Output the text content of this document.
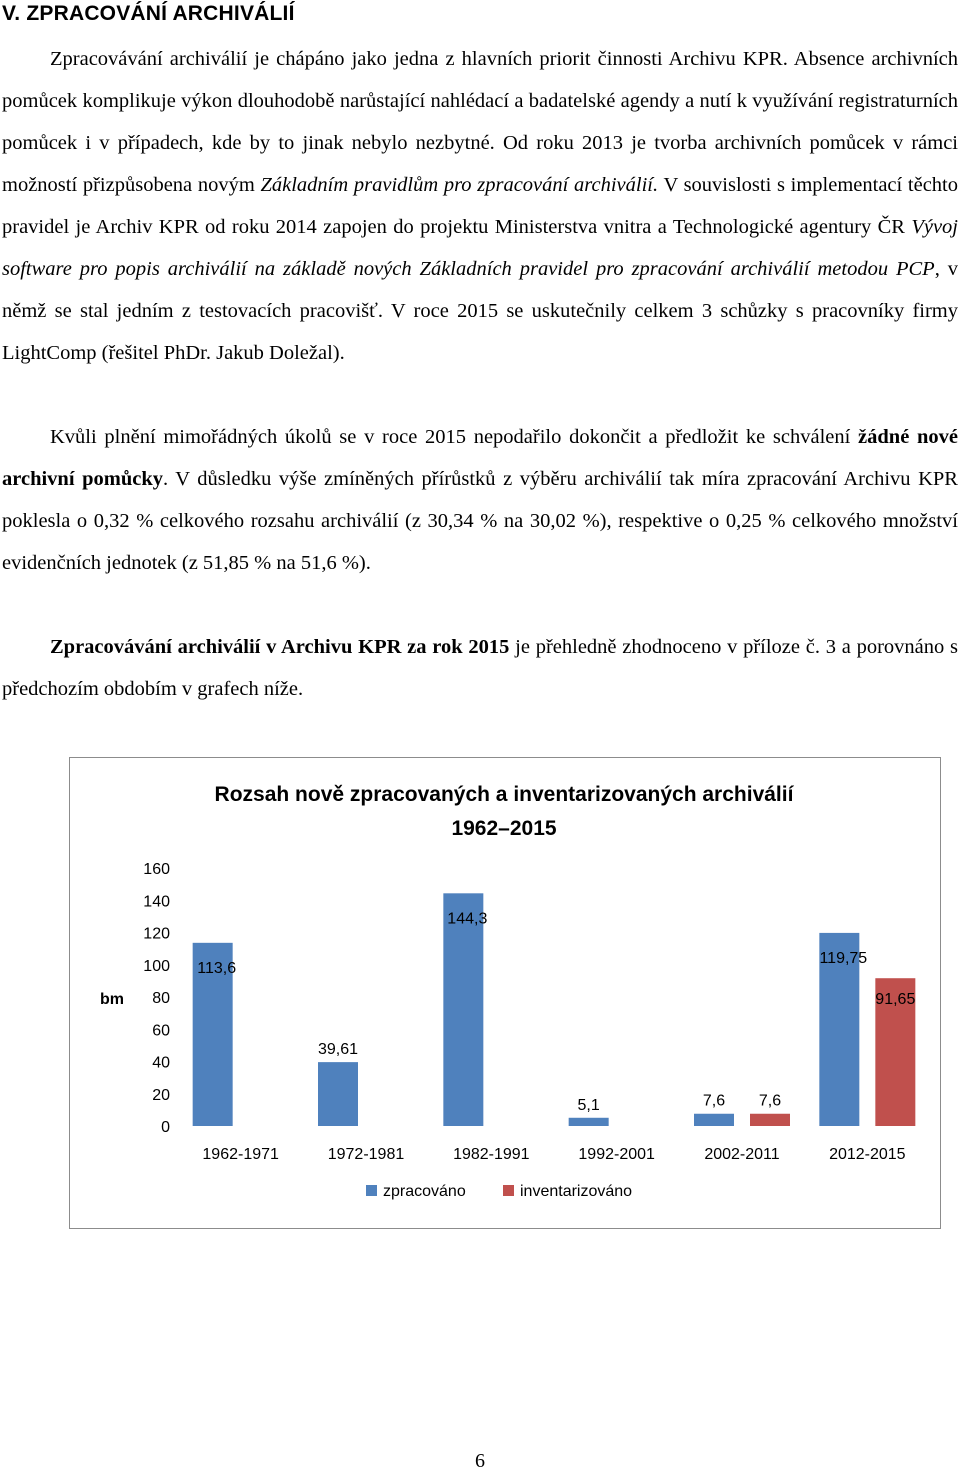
V. ZPRACOVÁNÍ ARCHIVÁLIÍ

Zpracovávání archiválií je chápáno jako jedna z hlavních priorit činnosti Archivu KPR. Absence archivních pomůcek komplikuje výkon dlouhodobě narůstající nahlédací a badatelské agendy a nutí k využívání registraturních pomůcek i v případech, kde by to jinak nebylo nezbytné. Od roku 2013 je tvorba archivních pomůcek v rámci možností přizpůsobena novým Základním pravidlům pro zpracování archiválií. V souvislosti s implementací těchto pravidel je Archiv KPR od roku 2014 zapojen do projektu Ministerstva vnitra a Technologické agentury ČR Vývoj software pro popis archiválií na základě nových Základních pravidel pro zpracování archiválií metodou PCP, v němž se stal jedním z testovacích pracovišť. V roce 2015 se uskutečnily celkem 3 schůzky s pracovníky firmy LightComp (řešitel PhDr. Jakub Doležal).

Kvůli plnění mimořádných úkolů se v roce 2015 nepodařilo dokončit a předložit ke schválení žádné nové archivní pomůcky. V důsledku výše zmíněných přírůstků z výběru archiválií tak míra zpracování Archivu KPR poklesla o 0,32 % celkového rozsahu archiválií (z 30,34 % na 30,02 %), respektive o 0,25 % celkového množství evidenčních jednotek (z 51,85 % na 51,6 %).

Zpracovávání archiválií v Archivu KPR za rok 2015 je přehledně zhodnoceno v příloze č. 3 a porovnáno s předchozím obdobím v grafech níže.

Rozsah nově zpracovaných a inventarizovaných archiválií
1962–2015
bm
0
20
40
60
80
100
120
140
160
113,6
39,61
144,3
5,1	7,6
119,75
7,6
91,65
1962-1971	1972-1981	1982-1991	1992-2001	2002-2011	2012-2015
zpracováno	inventarizováno

6
